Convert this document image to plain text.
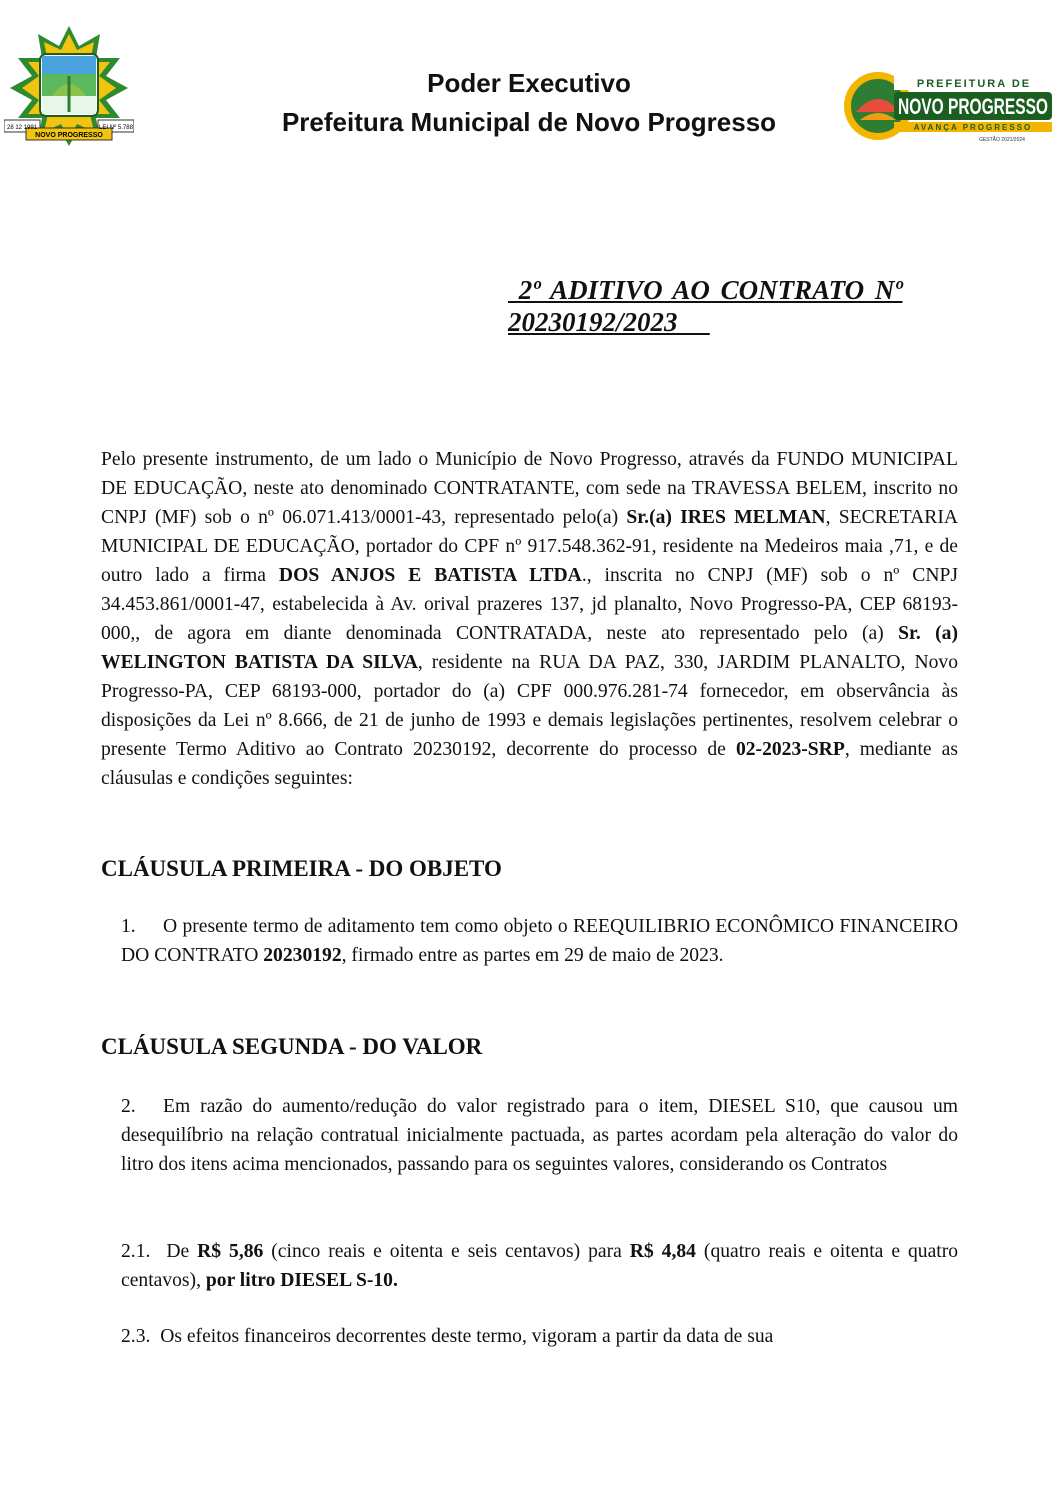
28 12 1991	LEI Nº 5.788
NOVO PROGRESSO
Poder Executivo
Prefeitura Municipal de Novo Progresso
PREFEITURA DE
NOVO PROGRESSO
AVANÇA PROGRESSO
GESTÃO 2021/2024
2º ADITIVO AO CONTRATO Nº
20230192/2023
Pelo presente instrumento, de um lado o Município de Novo Progresso, através da FUNDO MUNICIPAL DE EDUCAÇÃO, neste ato denominado CONTRATANTE, com sede na TRAVESSA BELEM, inscrito no CNPJ (MF) sob o nº 06.071.413/0001-43, representado pelo(a) Sr.(a) IRES MELMAN, SECRETARIA MUNICIPAL DE EDUCAÇÃO, portador do CPF nº 917.548.362-91, residente na Medeiros maia ,71, e de outro lado a firma DOS ANJOS E BATISTA LTDA., inscrita no CNPJ (MF) sob o nº CNPJ 34.453.861/0001-47, estabelecida à Av. orival prazeres 137, jd planalto, Novo Progresso-PA, CEP 68193-000,, de agora em diante denominada CONTRATADA, neste ato representado pelo (a) Sr. (a) WELINGTON BATISTA DA SILVA, residente na RUA DA PAZ, 330, JARDIM PLANALTO, Novo Progresso-PA, CEP 68193-000, portador do (a) CPF 000.976.281-74 fornecedor, em observância às disposições da Lei nº 8.666, de 21 de junho de 1993 e demais legislações pertinentes, resolvem celebrar o presente Termo Aditivo ao Contrato 20230192, decorrente do processo de 02-2023-SRP, mediante as cláusulas e condições seguintes:
CLÁUSULA PRIMEIRA - DO OBJETO
1. O presente termo de aditamento tem como objeto o REEQUILIBRIO ECONÔMICO FINANCEIRO DO CONTRATO 20230192, firmado entre as partes em 29 de maio de 2023.
CLÁUSULA SEGUNDA - DO VALOR
2. Em razão do aumento/redução do valor registrado para o item, DIESEL S10, que causou um desequilíbrio na relação contratual inicialmente pactuada, as partes acordam pela alteração do valor do litro dos itens acima mencionados, passando para os seguintes valores, considerando os Contratos
2.1. De R$ 5,86 (cinco reais e oitenta e seis centavos) para R$ 4,84 (quatro reais e oitenta e quatro centavos), por litro DIESEL S-10.
2.3. Os efeitos financeiros decorrentes deste termo, vigoram a partir da data de sua
